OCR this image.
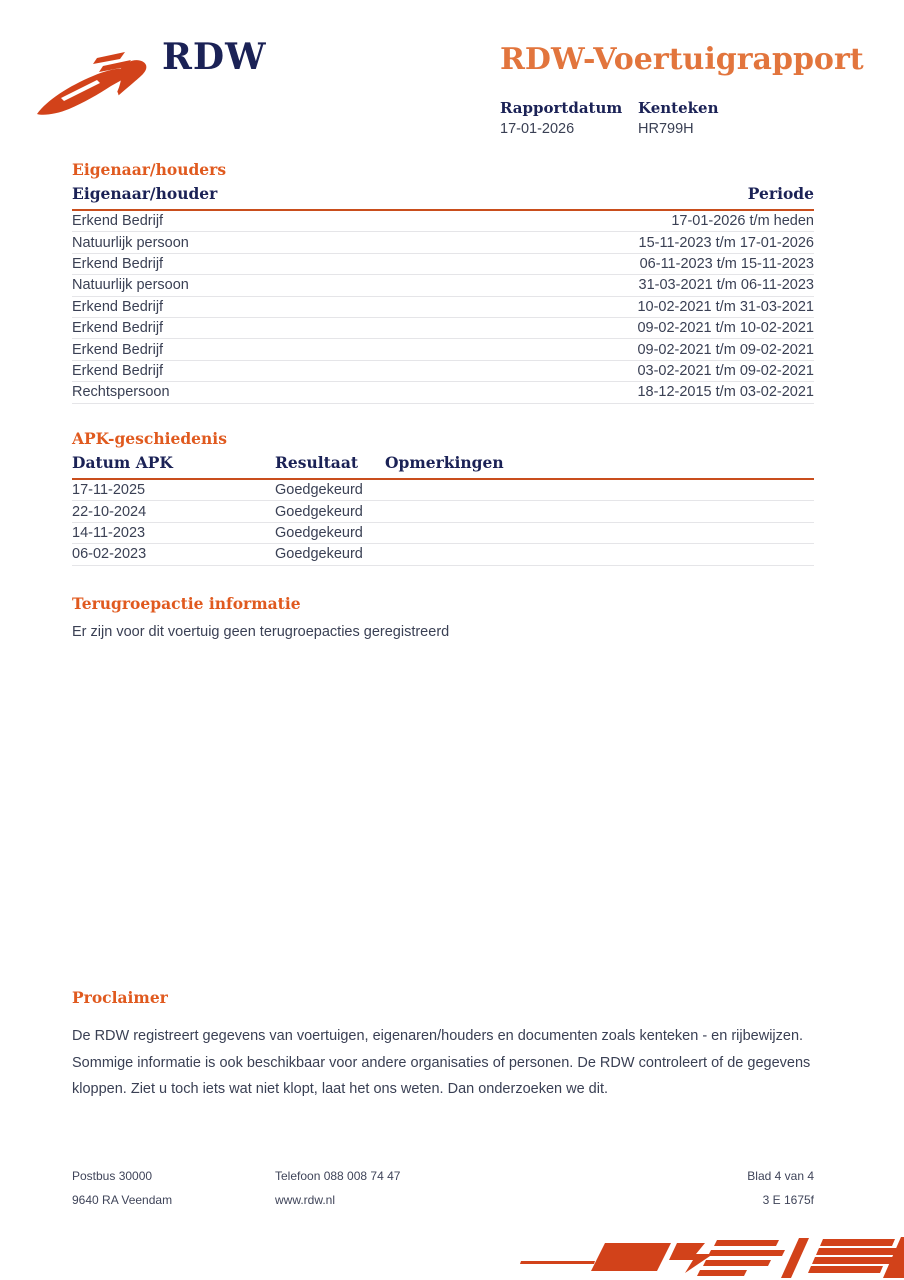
RDW	RDW-Voertuigrapport
Rapportdatum
17-01-2026
Kenteken
HR799H
Eigenaar/houders
Eigenaar/houder	Periode
Erkend Bedrijf	17-01-2026 t/m heden
Natuurlijk persoon	15-11-2023 t/m 17-01-2026
Erkend Bedrijf	06-11-2023 t/m 15-11-2023
Natuurlijk persoon	31-03-2021 t/m 06-11-2023
Erkend Bedrijf	10-02-2021 t/m 31-03-2021
Erkend Bedrijf	09-02-2021 t/m 10-02-2021
Erkend Bedrijf	09-02-2021 t/m 09-02-2021
Erkend Bedrijf	03-02-2021 t/m 09-02-2021
Rechtspersoon	18-12-2015 t/m 03-02-2021
APK-geschiedenis
Datum APK	Resultaat	Opmerkingen
17-11-2025	Goedgekeurd
22-10-2024	Goedgekeurd
14-11-2023	Goedgekeurd
06-02-2023	Goedgekeurd
Terugroepactie informatie
Er zijn voor dit voertuig geen terugroepacties geregistreerd
Proclaimer
De RDW registreert gegevens van voertuigen, eigenaren/houders en documenten zoals kenteken - en rijbewijzen. Sommige informatie is ook beschikbaar voor andere organisaties of personen. De RDW controleert of de gegevens kloppen. Ziet u toch iets wat niet klopt, laat het ons weten. Dan onderzoeken we dit.
Postbus 30000
9640 RA Veendam
Telefoon 088 008 74 47
www.rdw.nl
Blad 4 van 4
3 E 1675f
